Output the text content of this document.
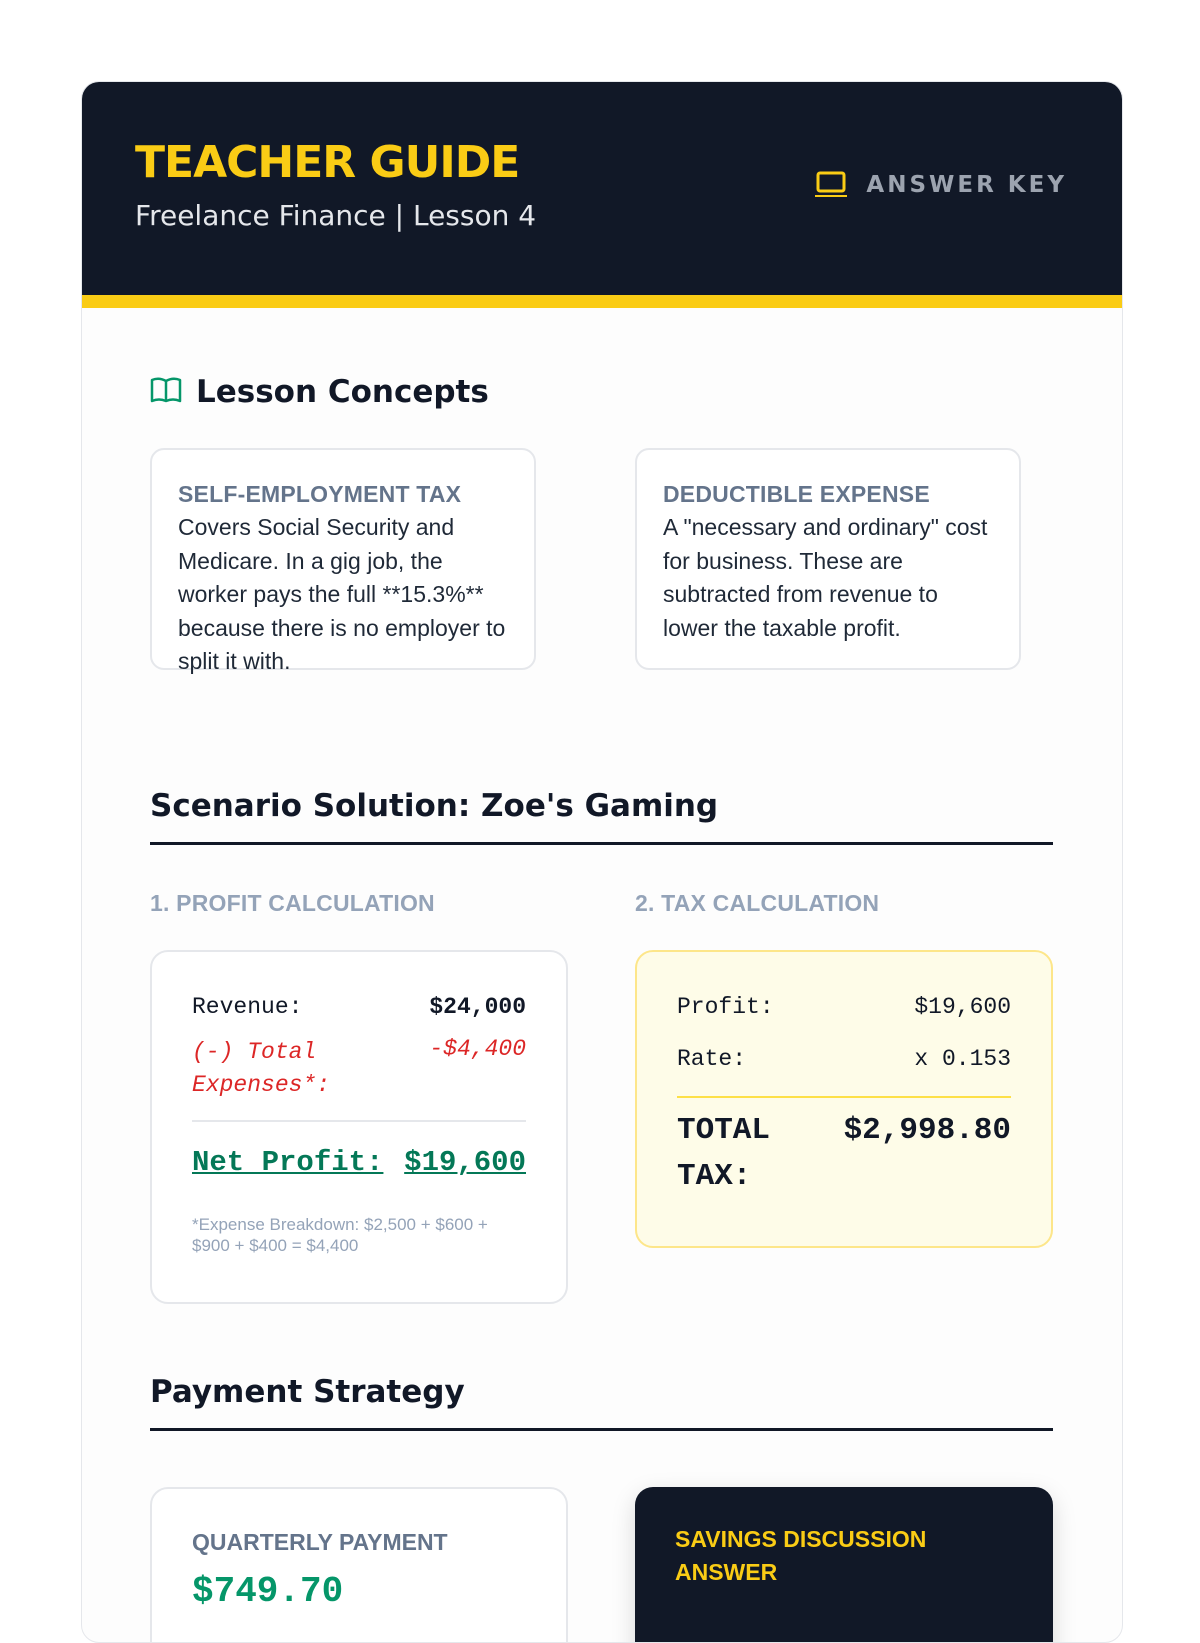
TEACHER GUIDE
Freelance Finance | Lesson 4
ANSWER KEY
Lesson Concepts
SELF-EMPLOYMENT TAX
Covers Social Security and Medicare. In a gig job, the worker pays the full **15.3%** because there is no employer to split it with.
DEDUCTIBLE EXPENSE
A "necessary and ordinary" cost for business. These are subtracted from revenue to lower the taxable profit.
Scenario Solution: Zoe's Gaming
1. PROFIT CALCULATION	2. TAX CALCULATION
Revenue:	$24,000
(-) Total Expenses*:
-$4,400
Net Profit: $19,600
*Expense Breakdown: $2,500 + $600 + $900 + $400 = $4,400
Profit:	$19,600
Rate:	x 0.153
TOTAL TAX:
$2,998.80
Payment Strategy
QUARTERLY PAYMENT
$749.70
SAVINGS DISCUSSION ANSWER
